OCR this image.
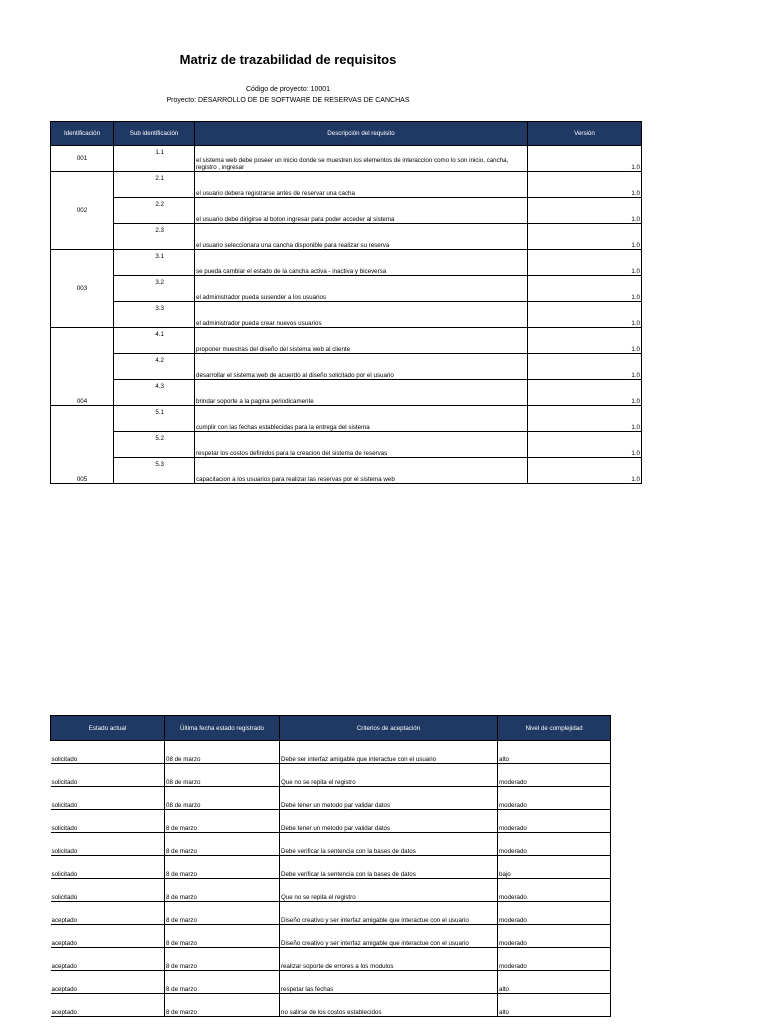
Matriz de trazabilidad de requisitos
Código de proyecto: 10001
Proyecto: DESARROLLO DE DE SOFTWARE DE RESERVAS DE CANCHAS
Identificación	Sub identificación	Descripción del requisito	Versión
001	1.1	el sistema web debe poseer un inicio donde se muestren los elementos de interaccion como lo son inicio, cancha, registro , ingresar	1.0
002	2.1	el usuario debera registrarse antes de reservar una cacha	1.0
	2.2	el usuario debe dirigirse al boton ingresar para poder acceder al sistema	1.0
	2.3	el usuario seleccionara una cancha disponible para realizar su reserva	1.0
003	3.1	se pueda cambiar el estado de la cancha activa - inactiva y biceversa	1.0
	3.2	el administrador pueda susender a los usuarios	1.0
	3.3	el administrador pueda crear nuevos usuarios	1.0
004	4.1	proponer muestras del diseño del sistema web al cliente	1.0
	4.2	desarrollar el sistema web de acuerdo al diseño solicitado por el usuario	1.0
	4.3	brindar soporte a la pagina periodicamente	1.0
005	5.1	cumplir con las fechas establecidas para la entrega del sistema	1.0
	5.2	respetar los costos definidos para la creacion del sistema de reservas	1.0
	5.3	capacitacion a los usuarios para realizar las reservas por el sistema web	1.0
Estado actual	Última fecha estado registrado	Criterios de aceptación	Nivel de complejidad
solicitado	08 de marzo	Debe ser interfaz amigable que interactue con el usuario	alto
solicitado	08 de marzo	Que no se repita el registro	moderado
solicitado	08 de marzo	Debe tener un metodo par validar datos	moderado
solicitado	8 de marzo	Debe tener un metodo par validar datos	moderado
solicitado	8 de marzo	Debe verificar la sentencia con la bases de datos	moderado
solicitado	8 de marzo	Debe verificar la sentencia con la bases de datos	bajo
solicitado	8 de marzo	Que no se repita el registro	moderado
aceptado	8 de marzo	Diseño creativo y ser interfaz amigable que interactue con el usuario	moderado
aceptado	8 de marzo	Diseño creativo y ser interfaz amigable que interactue con el usuario	moderado
aceptado	8 de marzo	realizar soporte de errores a los modulos	moderado
aceptado	8 de marzo	respetar las fechas	alto
aceptado	8 de marzo	no salirse de los costos establecidos	alto
